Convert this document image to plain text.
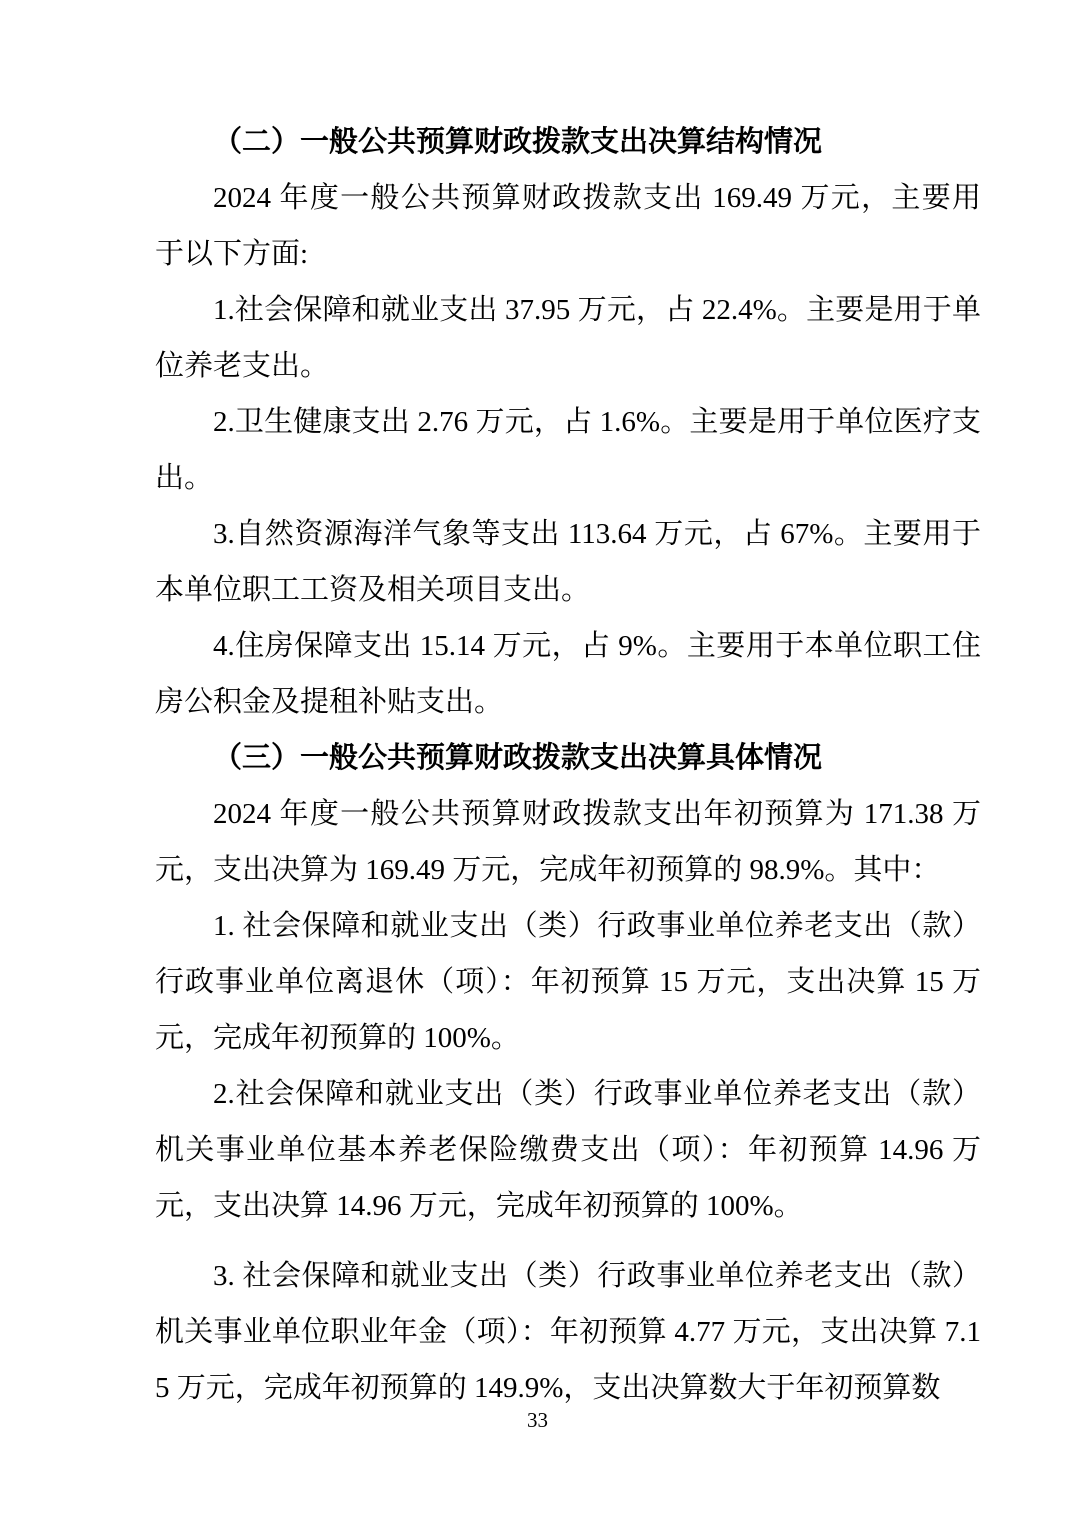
（二）一般公共预算财政拨款支出决算结构情况

2024 年度一般公共预算财政拨款支出 169.49 万元，主要用于以下方面:

1.社会保障和就业支出 37.95 万元，占 22.4%。主要是用于单位养老支出。

2.卫生健康支出 2.76 万元，占 1.6%。主要是用于单位医疗支出。

3.自然资源海洋气象等支出 113.64 万元，占 67%。主要用于本单位职工工资及相关项目支出。

4.住房保障支出 15.14 万元，占 9%。主要用于本单位职工住房公积金及提租补贴支出。

（三）一般公共预算财政拨款支出决算具体情况

2024 年度一般公共预算财政拨款支出年初预算为 171.38 万元，支出决算为 169.49 万元，完成年初预算的 98.9%。其中：

1. 社会保障和就业支出（类）行政事业单位养老支出（款）行政事业单位离退休（项）：年初预算 15 万元，支出决算 15 万元，完成年初预算的 100%。

2.社会保障和就业支出（类）行政事业单位养老支出（款） 机关事业单位基本养老保险缴费支出（项）：年初预算 14.96 万元，支出决算 14.96 万元，完成年初预算的 100%。

3. 社会保障和就业支出（类）行政事业单位养老支出（款）机关事业单位职业年金（项）：年初预算 4.77 万元，支出决算 7.15 万元，完成年初预算的 149.9%，支出决算数大于年初预算数

33
